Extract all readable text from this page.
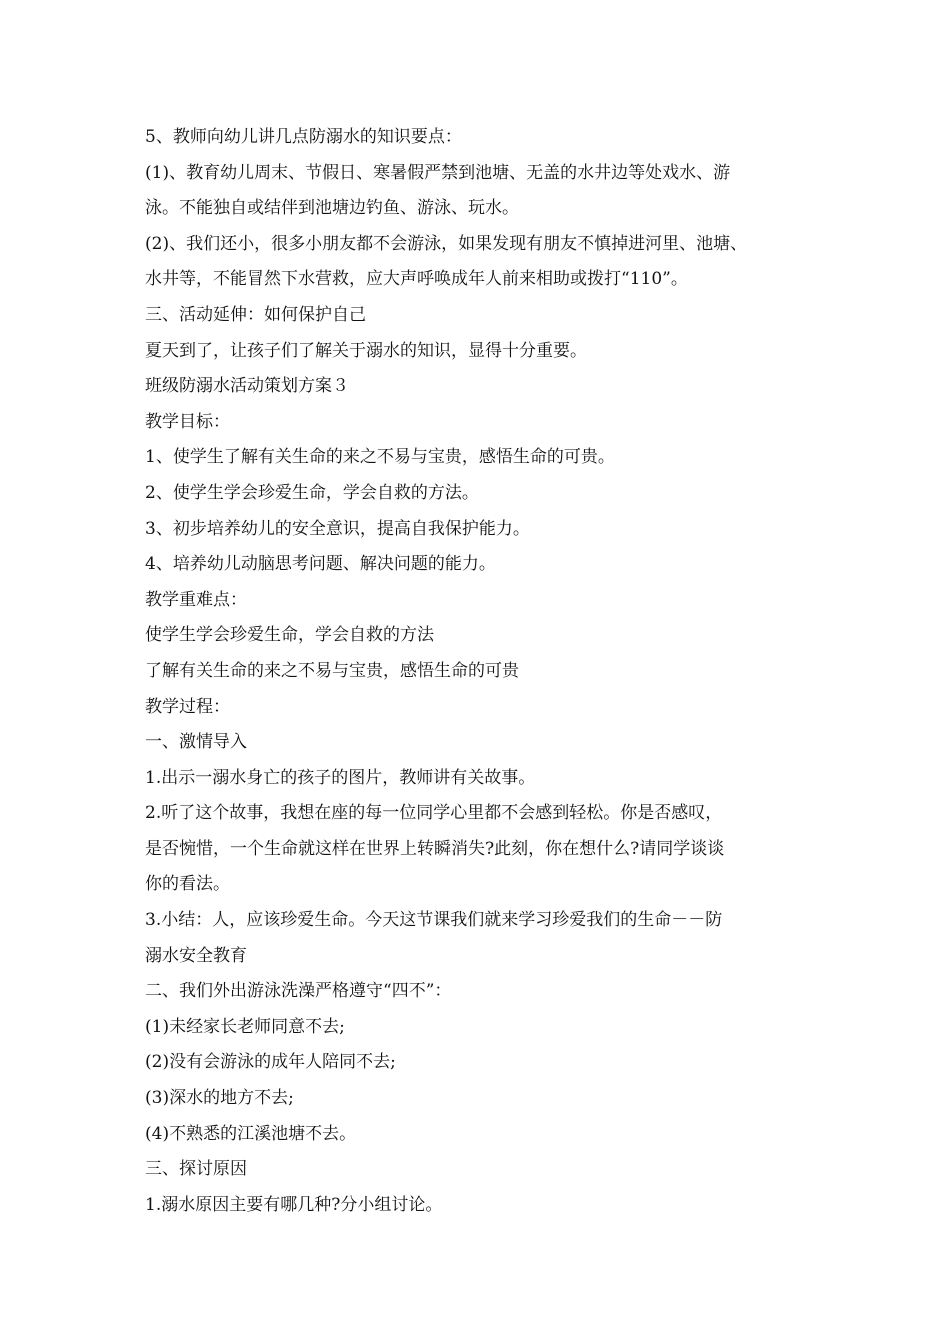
5、教师向幼儿讲几点防溺水的知识要点：
(1)、教育幼儿周末、节假日、寒暑假严禁到池塘、无盖的水井边等处戏水、游
泳。不能独自或结伴到池塘边钓鱼、游泳、玩水。
(2)、我们还小，很多小朋友都不会游泳，如果发现有朋友不慎掉进河里、池塘、
水井等，不能冒然下水营救，应大声呼唤成年人前来相助或拨打“110”。
三、活动延伸：如何保护自己
夏天到了，让孩子们了解关于溺水的知识，显得十分重要。
班级防溺水活动策划方案３
教学目标：
1、使学生了解有关生命的来之不易与宝贵，感悟生命的可贵。
2、使学生学会珍爱生命，学会自救的方法。
3、初步培养幼儿的安全意识，提高自我保护能力。
4、培养幼儿动脑思考问题、解决问题的能力。
教学重难点：
使学生学会珍爱生命，学会自救的方法
了解有关生命的来之不易与宝贵，感悟生命的可贵
教学过程：
一、激情导入
1.出示一溺水身亡的孩子的图片，教师讲有关故事。
2.听了这个故事，我想在座的每一位同学心里都不会感到轻松。你是否感叹，
是否惋惜，一个生命就这样在世界上转瞬消失?此刻，你在想什么?请同学谈谈
你的看法。
3.小结：人，应该珍爱生命。今天这节课我们就来学习珍爱我们的生命－－防
溺水安全教育
二、我们外出游泳洗澡严格遵守“四不”：
(1)未经家长老师同意不去;
(2)没有会游泳的成年人陪同不去;
(3)深水的地方不去;
(4)不熟悉的江溪池塘不去。
三、探讨原因
1.溺水原因主要有哪几种?分小组讨论。
